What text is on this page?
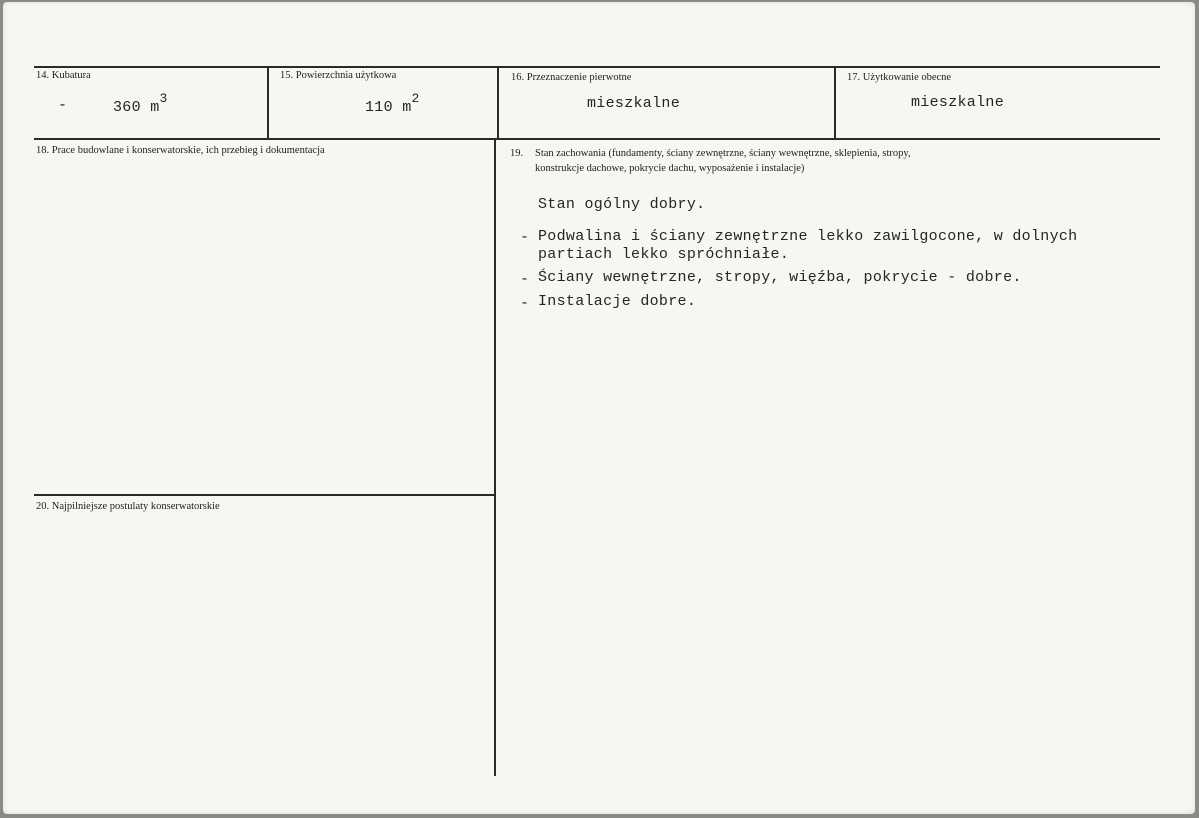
14. Kubatura
-	360 $m^3$
15. Powierzchnia użytkowa
110 $m^2$
16. Przeznaczenie pierwotne
mieszkalne
17. Użytkowanie obecne
mieszkalne
18. Prace budowlane i konserwatorskie, ich przebieg i dokumentacja	19. Stan zachowania (fundamenty, ściany zewnętrzne, ściany wewnętrzne, sklepienia, stropy,
konstrukcje dachowe, pokrycie dachu, wyposażenie i instalacje)
Stan ogólny dobry.
- Podwalina i ściany zewnętrzne lekko zawilgocone, w dolnych
partiach lekko spróchniałe.
- Ściany wewnętrzne, stropy, więźba, pokrycie - dobre.
- Instalacje dobre.
20. Najpilniejsze postulaty konserwatorskie
